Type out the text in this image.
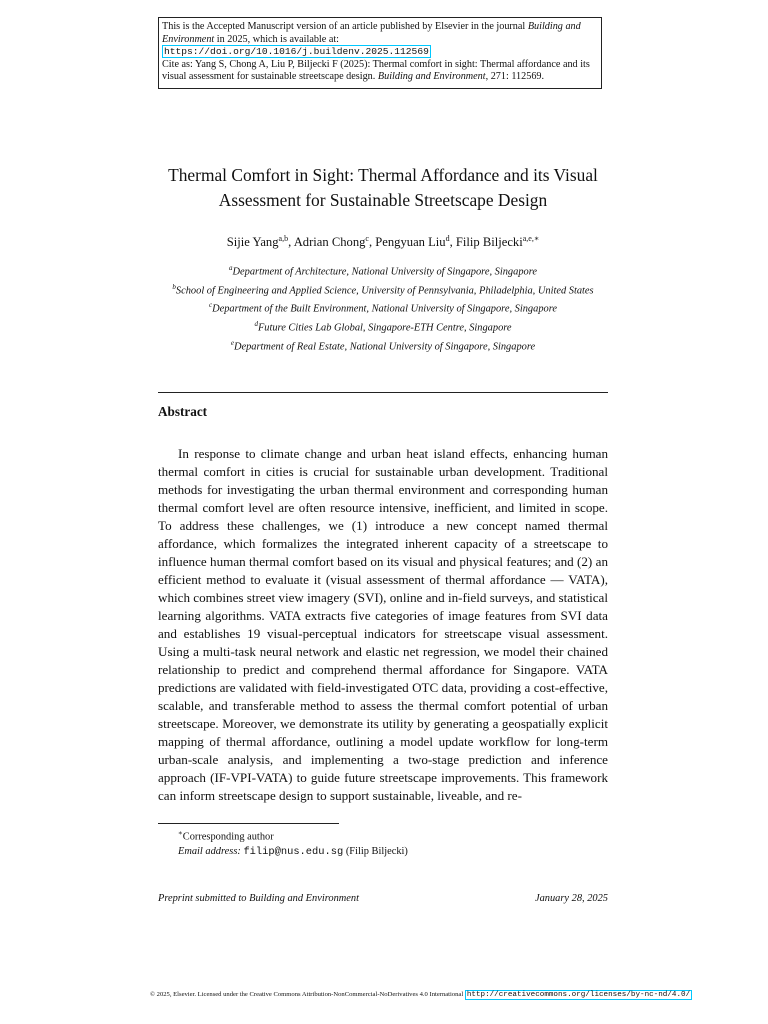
This is the Accepted Manuscript version of an article published by Elsevier in the journal Building and Environment in 2025, which is available at:
https://doi.org/10.1016/j.buildenv.2025.112569
Cite as: Yang S, Chong A, Liu P, Biljecki F (2025): Thermal comfort in sight: Thermal affordance and its visual assessment for sustainable streetscape design. Building and Environment, 271: 112569.
Thermal Comfort in Sight: Thermal Affordance and its Visual
Assessment for Sustainable Streetscape Design
Sijie Yang$^{a,b}$, Adrian Chong$^c$, Pengyuan Liu$^d$, Filip Biljecki$^{a,e,∗}$
$^a$Department of Architecture, National University of Singapore, Singapore
$^b$School of Engineering and Applied Science, University of Pennsylvania, Philadelphia, United States
$^c$Department of the Built Environment, National University of Singapore, Singapore
$^d$Future Cities Lab Global, Singapore-ETH Centre, Singapore
$^e$Department of Real Estate, National University of Singapore, Singapore
Abstract

In response to climate change and urban heat island effects, enhancing human thermal comfort in cities is crucial for sustainable urban development. Traditional methods for investigating the urban thermal environment and corresponding human thermal comfort level are often resource intensive, inefficient, and limited in scope. To address these challenges, we (1) introduce a new concept named thermal affordance, which formalizes the integrated inherent capacity of a streetscape to influence human thermal comfort based on its visual and physical features; and (2) an efficient method to evaluate it (visual assessment of thermal affordance — VATA), which combines street view imagery (SVI), online and in-field surveys, and statistical learning algorithms. VATA extracts five categories of image features from SVI data and establishes 19 visual-perceptual indicators for streetscape visual assessment. Using a multi-task neural network and elastic net regression, we model their chained relationship to predict and comprehend thermal affordance for Singapore. VATA predictions are validated with field-investigated OTC data, providing a cost-effective, scalable, and transferable method to assess the thermal comfort potential of urban streetscape. Moreover, we demonstrate its utility by generating a geospatially explicit mapping of thermal affordance, outlining a model update workflow for long-term urban-scale analysis, and implementing a two-stage prediction and inference approach (IF-VPI-VATA) to guide future streetscape improvements. This framework can inform streetscape design to support sustainable, liveable, and re-

∗Corresponding author
Email address: filip@nus.edu.sg (Filip Biljecki)
Preprint submitted to Building and Environment	January 28, 2025
© 2025, Elsevier. Licensed under the Creative Commons Attribution-NonCommercial-NoDerivatives 4.0 International http://creativecommons.org/licenses/by-nc-nd/4.0/
